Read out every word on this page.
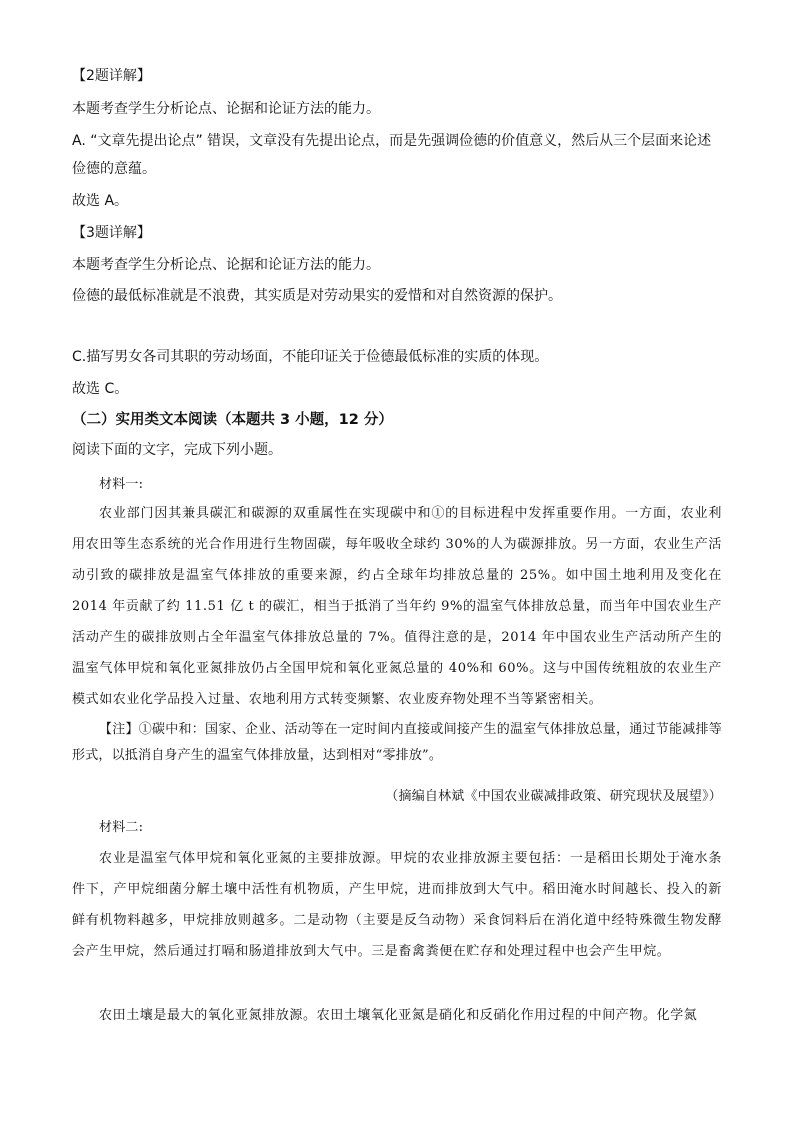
【2题详解】

本题考查学生分析论点、论据和论证方法的能力。

A. “文章先提出论点” 错误，文章没有先提出论点，而是先强调俭德的价值意义，然后从三个层面来论述

俭德的意蕴。

故选 A。

【3题详解】

本题考查学生分析论点、论据和论证方法的能力。

俭德的最低标准就是不浪费，其实质是对劳动果实的爱惜和对自然资源的保护。

C.描写男女各司其职的劳动场面，不能印证关于俭德最低标准的实质的体现。

故选 C。

（二）实用类文本阅读（本题共 3 小题，12 分）

阅读下面的文字，完成下列小题。

材料一:

农业部门因其兼具碳汇和碳源的双重属性在实现碳中和①的目标进程中发挥重要作用。一方面，农业利用农田等生态系统的光合作用进行生物固碳，每年吸收全球约 30%的人为碳源排放。另一方面，农业生产活动引致的碳排放是温室气体排放的重要来源，约占全球年均排放总量的 25%。如中国土地利用及变化在 2014 年贡献了约 11.51 亿 t 的碳汇，相当于抵消了当年约 9%的温室气体排放总量，而当年中国农业生产活动产生的碳排放则占全年温室气体排放总量的 7%。值得注意的是，2014 年中国农业生产活动所产生的温室气体甲烷和氧化亚氮排放仍占全国甲烷和氧化亚氮总量的 40%和 60%。这与中国传统粗放的农业生产模式如农业化学品投入过量、农地利用方式转变频繁、农业废弃物处理不当等紧密相关。

【注】①碳中和：国家、企业、活动等在一定时间内直接或间接产生的温室气体排放总量，通过节能减排等形式，以抵消自身产生的温室气体排放量，达到相对“零排放”。

（摘编自林斌《中国农业碳减排政策、研究现状及展望》）

材料二:

农业是温室气体甲烷和氧化亚氮的主要排放源。甲烷的农业排放源主要包括：一是稻田长期处于淹水条件下，产甲烷细菌分解土壤中活性有机物质，产生甲烷，进而排放到大气中。稻田淹水时间越长、投入的新鲜有机物料越多，甲烷排放则越多。二是动物（主要是反刍动物）采食饲料后在消化道中经特殊微生物发酵会产生甲烷，然后通过打嗝和肠道排放到大气中。三是畜禽粪便在贮存和处理过程中也会产生甲烷。

农田土壤是最大的氧化亚氮排放源。农田土壤氧化亚氮是硝化和反硝化作用过程的中间产物。化学氮
